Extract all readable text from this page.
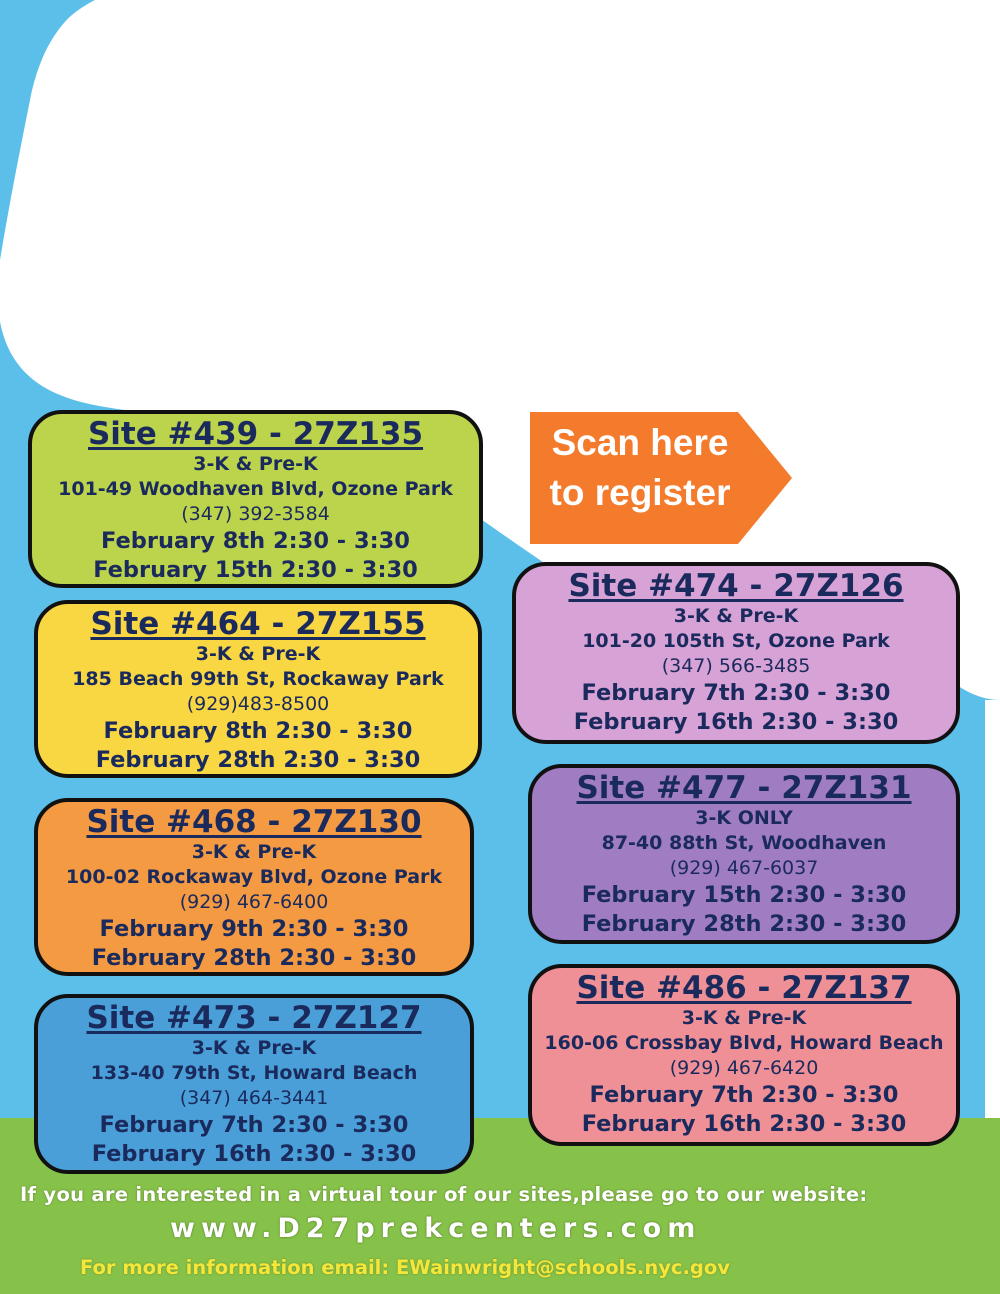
Scan here
to register
Site #439 - 27Z135
3-K & Pre-K
101-49 Woodhaven Blvd, Ozone Park
(347) 392-3584
February 8th 2:30 - 3:30
February 15th 2:30 - 3:30
Site #464 - 27Z155
3-K & Pre-K
185 Beach 99th St, Rockaway Park
(929)483-8500
February 8th 2:30 - 3:30
February 28th 2:30 - 3:30
Site #468 - 27Z130
3-K & Pre-K
100-02 Rockaway Blvd, Ozone Park
(929) 467-6400
February 9th 2:30 - 3:30
February 28th 2:30 - 3:30
Site #473 - 27Z127
3-K & Pre-K
133-40 79th St, Howard Beach
(347) 464-3441
February 7th 2:30 - 3:30
February 16th 2:30 - 3:30
Site #474 - 27Z126
3-K & Pre-K
101-20 105th St, Ozone Park
(347) 566-3485
February 7th 2:30 - 3:30
February 16th 2:30 - 3:30
Site #477 - 27Z131
3-K ONLY
87-40 88th St, Woodhaven
(929) 467-6037
February 15th 2:30 - 3:30
February 28th 2:30 - 3:30
Site #486 - 27Z137
3-K & Pre-K
160-06 Crossbay Blvd, Howard Beach
(929) 467-6420
February 7th 2:30 - 3:30
February 16th 2:30 - 3:30
If you are interested in a virtual tour of our sites,please go to our website:
www.D27prekcenters.com
For more information email: EWainwright@schools.nyc.gov
